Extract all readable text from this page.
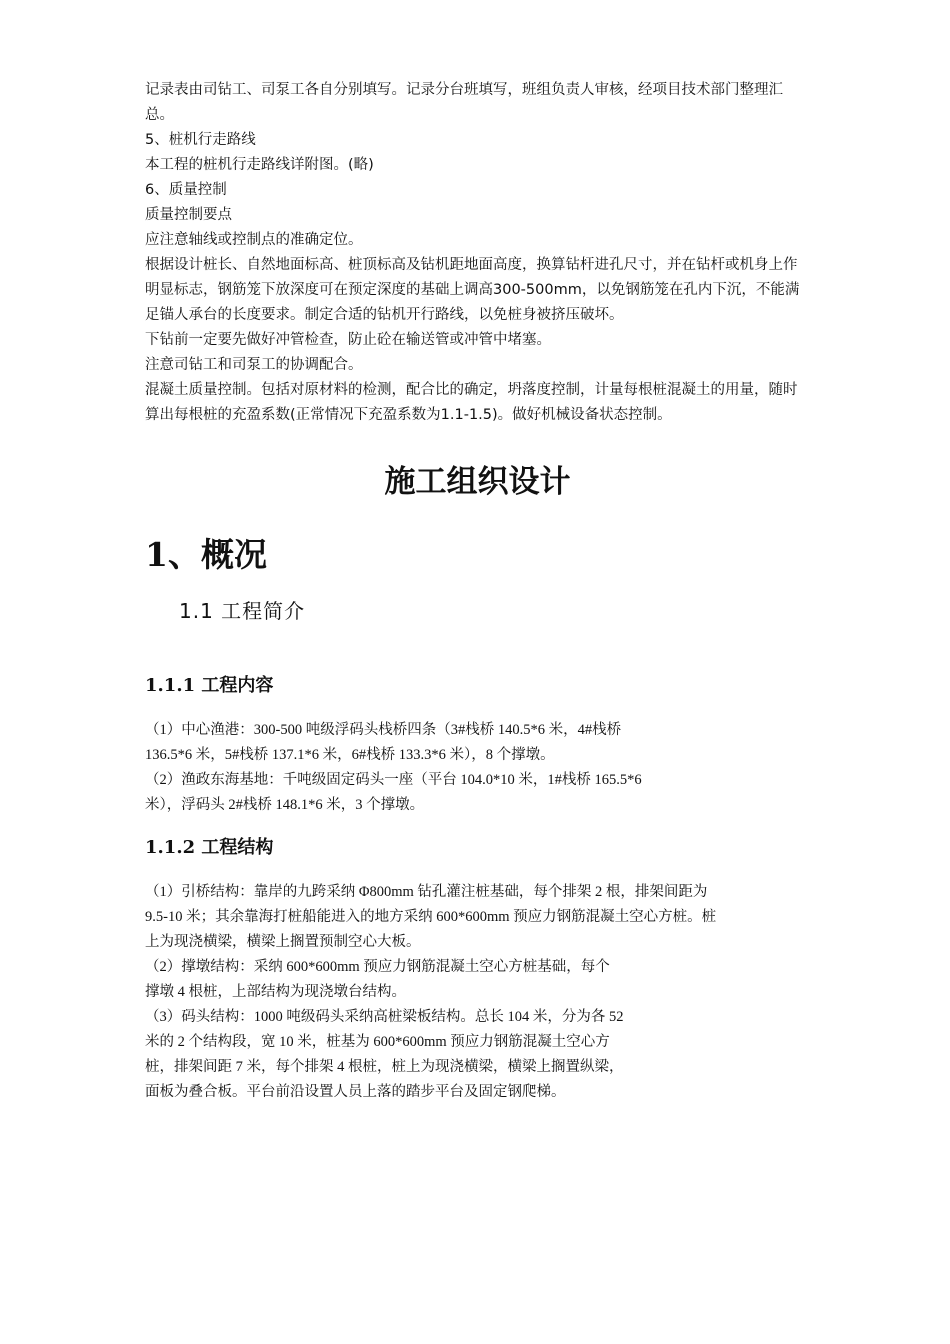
记录表由司钻工、司泵工各自分别填写。记录分台班填写，班组负责人审核，经项目技术部门整理汇总。

5、桩机行走路线

本工程的桩机行走路线详附图。(略)

6、质量控制

质量控制要点

应注意轴线或控制点的准确定位。

根据设计桩长、自然地面标高、桩顶标高及钻机距地面高度，换算钻杆进孔尺寸，并在钻杆或机身上作明显标志，钢筋笼下放深度可在预定深度的基础上调高300-500mm，以免钢筋笼在孔内下沉，不能满足锚人承台的长度要求。制定合适的钻机开行路线，以免桩身被挤压破坏。

下钻前一定要先做好冲管检查，防止砼在输送管或冲管中堵塞。

注意司钻工和司泵工的协调配合。

混凝土质量控制。包括对原材料的检测，配合比的确定，坍落度控制，计量每根桩混凝土的用量，随时算出每根桩的充盈系数(正常情况下充盈系数为1.1-1.5)。做好机械设备状态控制。

施工组织设计
1、概况
1.1 工程简介
1.1.1 工程内容

（1）中心渔港：300-500 吨级浮码头栈桥四条（3#栈桥 140.5*6 米，4#栈桥

136.5*6 米，5#栈桥 137.1*6 米，6#栈桥 133.3*6 米），8 个撑墩。

（2）渔政东海基地：千吨级固定码头一座（平台 104.0*10 米，1#栈桥 165.5*6

米），浮码头 2#栈桥 148.1*6 米，3 个撑墩。

1.1.2 工程结构

（1）引桥结构：靠岸的九跨采纳 Φ800mm 钻孔灌注桩基础，每个排架 2 根，排架间距为

9.5-10 米；其余靠海打桩船能进入的地方采纳 600*600mm 预应力钢筋混凝土空心方桩。桩

上为现浇横梁，横梁上搁置预制空心大板。

（2）撑墩结构：采纳 600*600mm 预应力钢筋混凝土空心方桩基础，每个

撑墩 4 根桩，上部结构为现浇墩台结构。

（3）码头结构：1000 吨级码头采纳高桩梁板结构。总长 104 米，分为各 52

米的 2 个结构段，宽 10 米，桩基为 600*600mm 预应力钢筋混凝土空心方

桩，排架间距 7 米，每个排架 4 根桩，桩上为现浇横梁，横梁上搁置纵梁，

面板为叠合板。平台前沿设置人员上落的踏步平台及固定钢爬梯。
